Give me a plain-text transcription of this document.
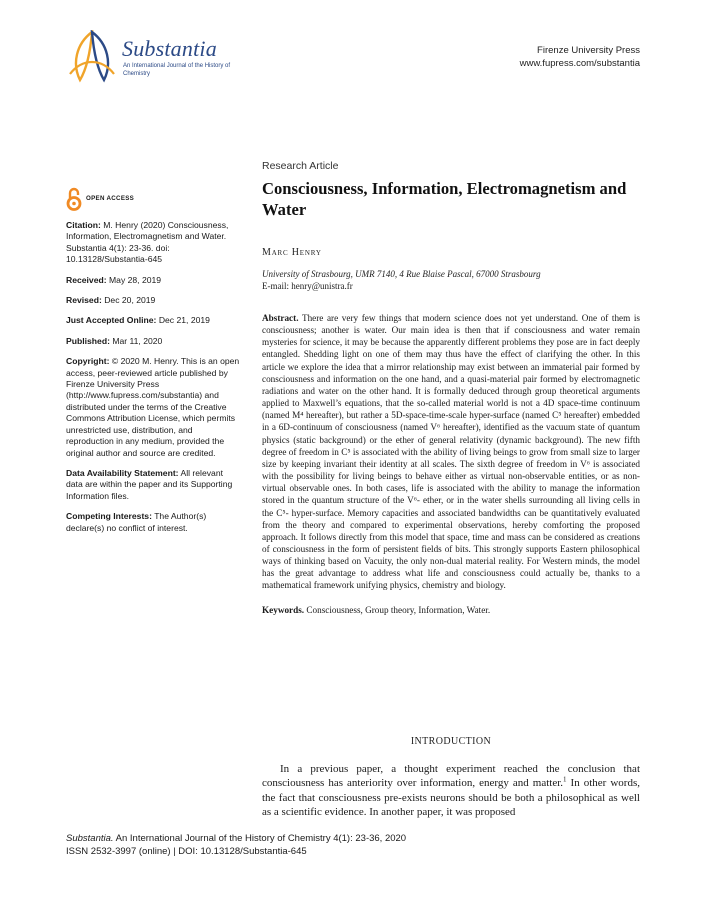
Substantia
An International Journal of the History of Chemistry
Firenze University Press
www.fupress.com/substantia
OPEN ACCESS
Citation: M. Henry (2020) Consciousness, Information, Electromagnetism and Water. Substantia 4(1): 23-36. doi: 10.13128/Substantia-645
Received: May 28, 2019
Revised: Dec 20, 2019
Just Accepted Online: Dec 21, 2019
Published: Mar 11, 2020
Copyright: © 2020 M. Henry. This is an open access, peer-reviewed article published by Firenze University Press (http://www.fupress.com/substantia) and distributed under the terms of the Creative Commons Attribution License, which permits unrestricted use, distribution, and reproduction in any medium, provided the original author and source are credited.
Data Availability Statement: All relevant data are within the paper and its Supporting Information files.
Competing Interests: The Author(s) declare(s) no conflict of interest.
Research Article
Consciousness, Information, Electromagnetism and Water
Marc Henry
University of Strasbourg, UMR 7140, 4 Rue Blaise Pascal, 67000 Strasbourg
E-mail: henry@unistra.fr
Abstract. There are very few things that modern science does not yet understand. One of them is consciousness; another is water. Our main idea is then that if consciousness and water remain mysteries for science, it may be because the apparently different problems they pose are in fact deeply entangled. Shedding light on one of them may thus have the effect of clarifying the other. In this article we explore the idea that a mirror relationship may exist between an immaterial pair formed by consciousness and information on the one hand, and a quasi-material pair formed by electromagnetic radiations and water on the other hand. It is formally deduced through group theoretical arguments applied to Maxwell’s equations, that the so-called material world is not a 4D space-time continuum (named M⁴ hereafter), but rather a 5D-space-time-scale hyper-surface (named C⁵ hereafter) embedded in a 6D-continuum of consciousness (named V⁶ hereafter), identified as the vacuum state of quantum physics (static background) or the ether of general relativity (dynamic background). The new fifth degree of freedom in C⁵ is associated with the ability of living beings to grow from small size to larger size by keeping invariant their identity at all scales. The sixth degree of freedom in V⁶ is associated with the possibility for living beings to behave either as virtual non-observable entities, or as non-virtual observable ones. In both cases, life is associated with the ability to manage the information stored in the quantum structure of the V⁶- ether, or in the water shells surrounding all living cells in the C⁵- hyper-surface. Memory capacities and associated bandwidths can be quantitatively evaluated from the theory and compared to experimental observations, hereby comforting the proposed approach. It follows directly from this model that space, time and mass can be considered as creations of consciousness in the form of persistent fields of bits. This strongly supports Eastern philosophical ways of thinking based on Vacuity, the only non-dual material reality. For Western minds, the model has the great advantage to address what life and consciousness could actually be, thanks to a mathematical framework unifying physics, chemistry and biology.
Keywords. Consciousness, Group theory, Information, Water.
INTRODUCTION
In a previous paper, a thought experiment reached the conclusion that consciousness has anteriority over information, energy and matter.$^1$ In other words, the fact that consciousness pre-exists neurons should be both a philosophical as well as a scientific evidence. In another paper, it was proposed
Substantia. An International Journal of the History of Chemistry 4(1): 23-36, 2020
ISSN 2532-3997 (online) | DOI: 10.13128/Substantia-645
